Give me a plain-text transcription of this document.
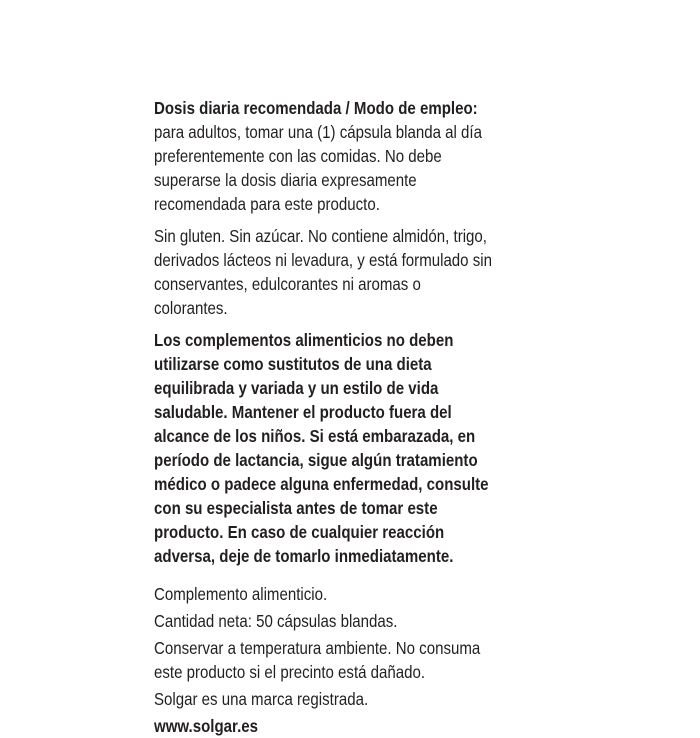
Dosis diaria recomendada / Modo de empleo: para adultos, tomar una (1) cápsula blanda al día preferentemente con las comidas. No debe superarse la dosis diaria expresamente recomendada para este producto.

Sin gluten. Sin azúcar. No contiene almidón, trigo, derivados lácteos ni levadura, y está formulado sin conservantes, edulcorantes ni aromas o colorantes.

Los complementos alimenticios no deben utilizarse como sustitutos de una dieta equilibrada y variada y un estilo de vida saludable. Mantener el producto fuera del alcance de los niños. Si está embarazada, en período de lactancia, sigue algún tratamiento médico o padece alguna enfermedad, consulte con su especialista antes de tomar este producto. En caso de cualquier reacción adversa, deje de tomarlo inmediatamente.

Complemento alimenticio.

Cantidad neta: 50 cápsulas blandas.

Conservar a temperatura ambiente. No consuma este producto si el precinto está dañado.

Solgar es una marca registrada.

www.solgar.es
